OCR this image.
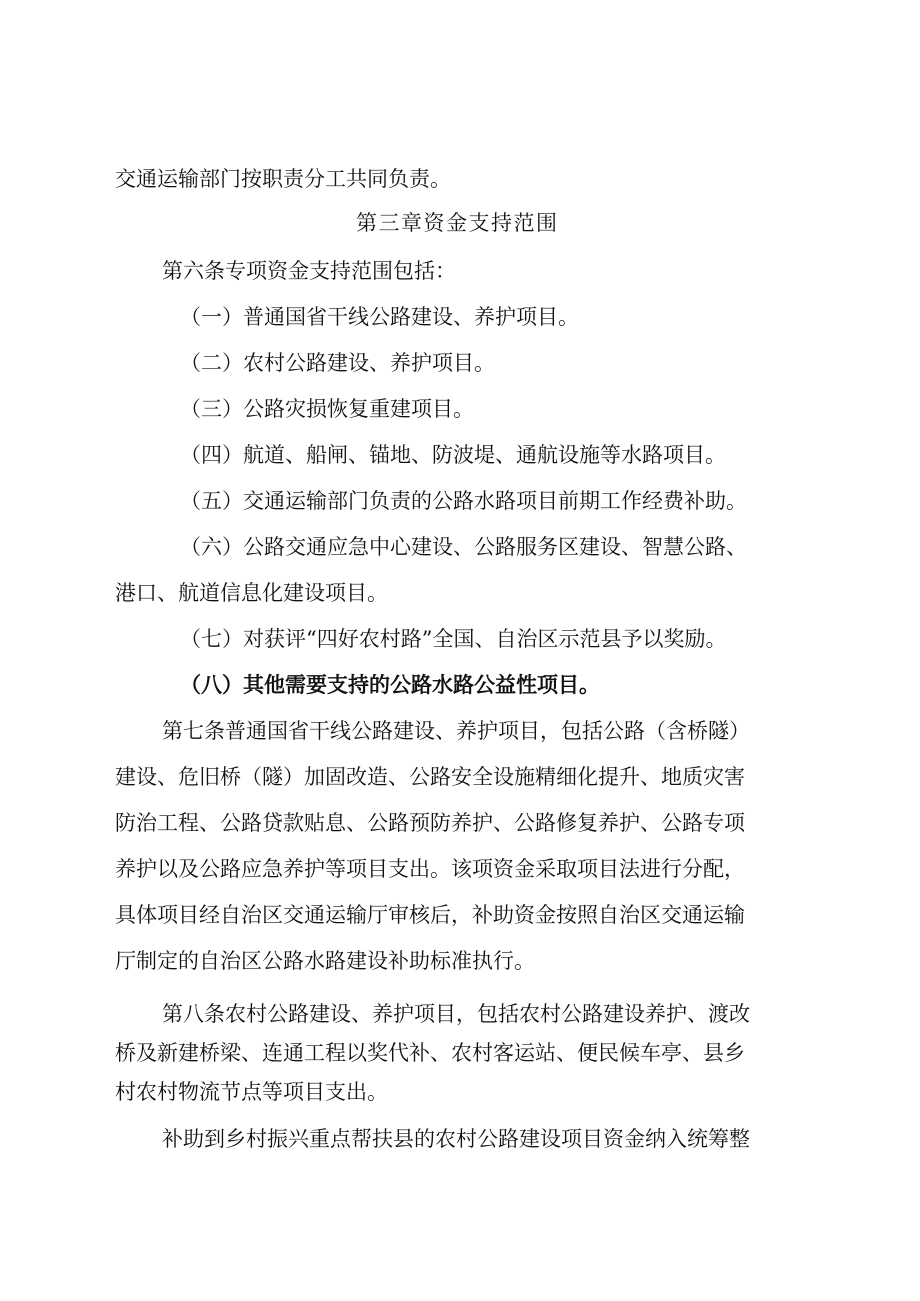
交通运输部门按职责分工共同负责。

第三章资金支持范围

第六条专项资金支持范围包括：

（一）普通国省干线公路建设、养护项目。

（二）农村公路建设、养护项目。

（三）公路灾损恢复重建项目。

（四）航道、船闸、锚地、防波堤、通航设施等水路项目。

（五）交通运输部门负责的公路水路项目前期工作经费补助。

（六）公路交通应急中心建设、公路服务区建设、智慧公路、

港口、航道信息化建设项目。

（七）对获评“四好农村路”全国、自治区示范县予以奖励。

（八）其他需要支持的公路水路公益性项目。

第七条普通国省干线公路建设、养护项目，包括公路（含桥隧）

建设、危旧桥（隧）加固改造、公路安全设施精细化提升、地质灾害

防治工程、公路贷款贴息、公路预防养护、公路修复养护、公路专项

养护以及公路应急养护等项目支出。该项资金采取项目法进行分配，

具体项目经自治区交通运输厅审核后，补助资金按照自治区交通运输

厅制定的自治区公路水路建设补助标准执行。

第八条农村公路建设、养护项目，包括农村公路建设养护、渡改

桥及新建桥梁、连通工程以奖代补、农村客运站、便民候车亭、县乡

村农村物流节点等项目支出。

补助到乡村振兴重点帮扶县的农村公路建设项目资金纳入统筹整
